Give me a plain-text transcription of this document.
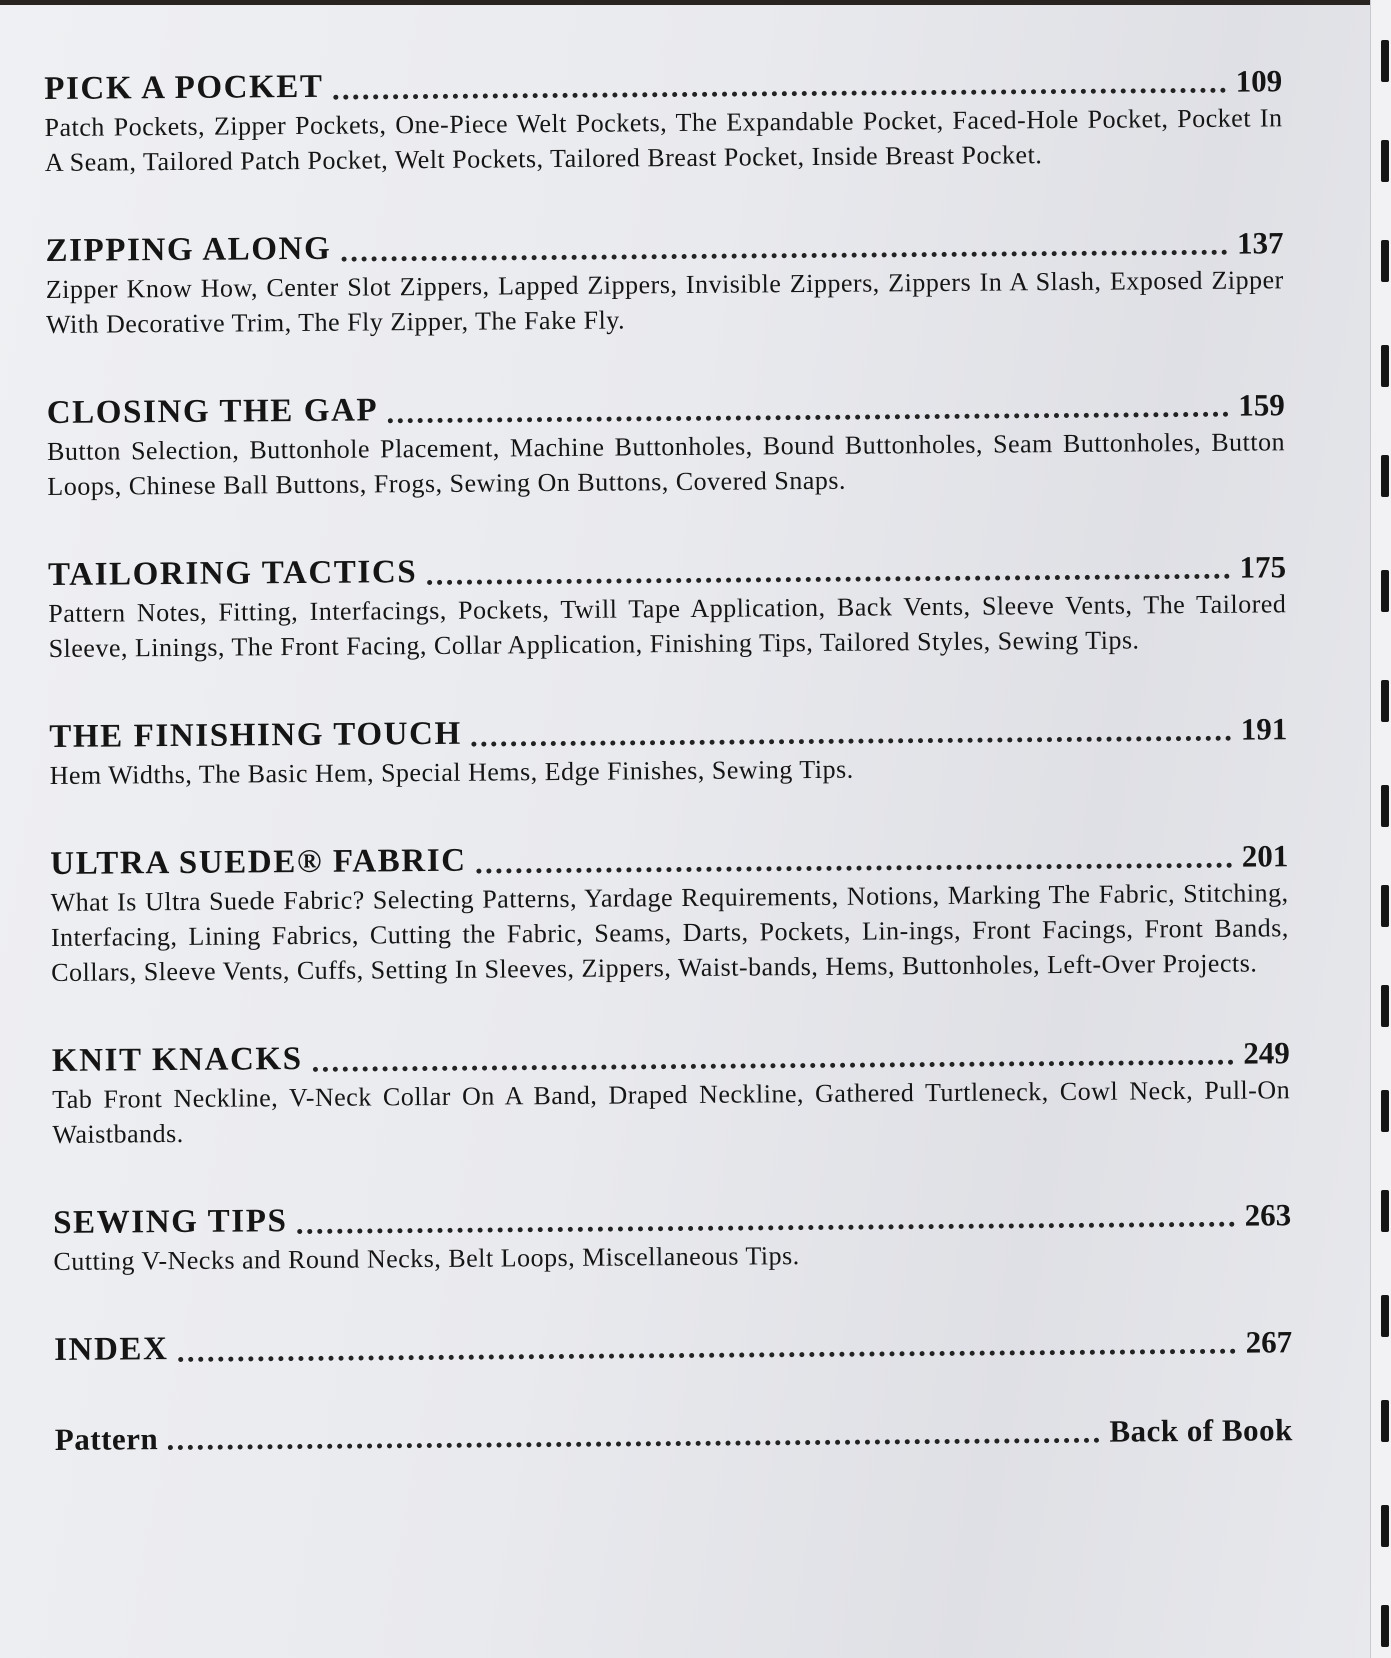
PICK A POCKET	109
Patch Pockets, Zipper Pockets, One-Piece Welt Pockets, The Expandable Pocket, Faced-Hole Pocket, Pocket In A Seam, Tailored Patch Pocket, Welt Pockets, Tailored Breast Pocket, Inside Breast Pocket.
ZIPPING ALONG	137
Zipper Know How, Center Slot Zippers, Lapped Zippers, Invisible Zippers, Zippers In A Slash, Exposed Zipper With Decorative Trim, The Fly Zipper, The Fake Fly.
CLOSING THE GAP	159
Button Selection, Buttonhole Placement, Machine Buttonholes, Bound Buttonholes, Seam Buttonholes, Button Loops, Chinese Ball Buttons, Frogs, Sewing On Buttons, Covered Snaps.
TAILORING TACTICS	175
Pattern Notes, Fitting, Interfacings, Pockets, Twill Tape Application, Back Vents, Sleeve Vents, The Tailored Sleeve, Linings, The Front Facing, Collar Application, Finishing Tips, Tailored Styles, Sewing Tips.
THE FINISHING TOUCH	191
Hem Widths, The Basic Hem, Special Hems, Edge Finishes, Sewing Tips.
ULTRA SUEDE® FABRIC	201
What Is Ultra Suede Fabric? Selecting Patterns, Yardage Requirements, Notions, Marking The Fabric, Stitching, Interfacing, Lining Fabrics, Cutting the Fabric, Seams, Darts, Pockets, Lin-ings, Front Facings, Front Bands, Collars, Sleeve Vents, Cuffs, Setting In Sleeves, Zippers, Waist-bands, Hems, Buttonholes, Left-Over Projects.
KNIT KNACKS	249
Tab Front Neckline, V-Neck Collar On A Band, Draped Neckline, Gathered Turtleneck, Cowl Neck, Pull-On Waistbands.
SEWING TIPS	263
Cutting V-Necks and Round Necks, Belt Loops, Miscellaneous Tips.
INDEX	267
Pattern	Back of Book
